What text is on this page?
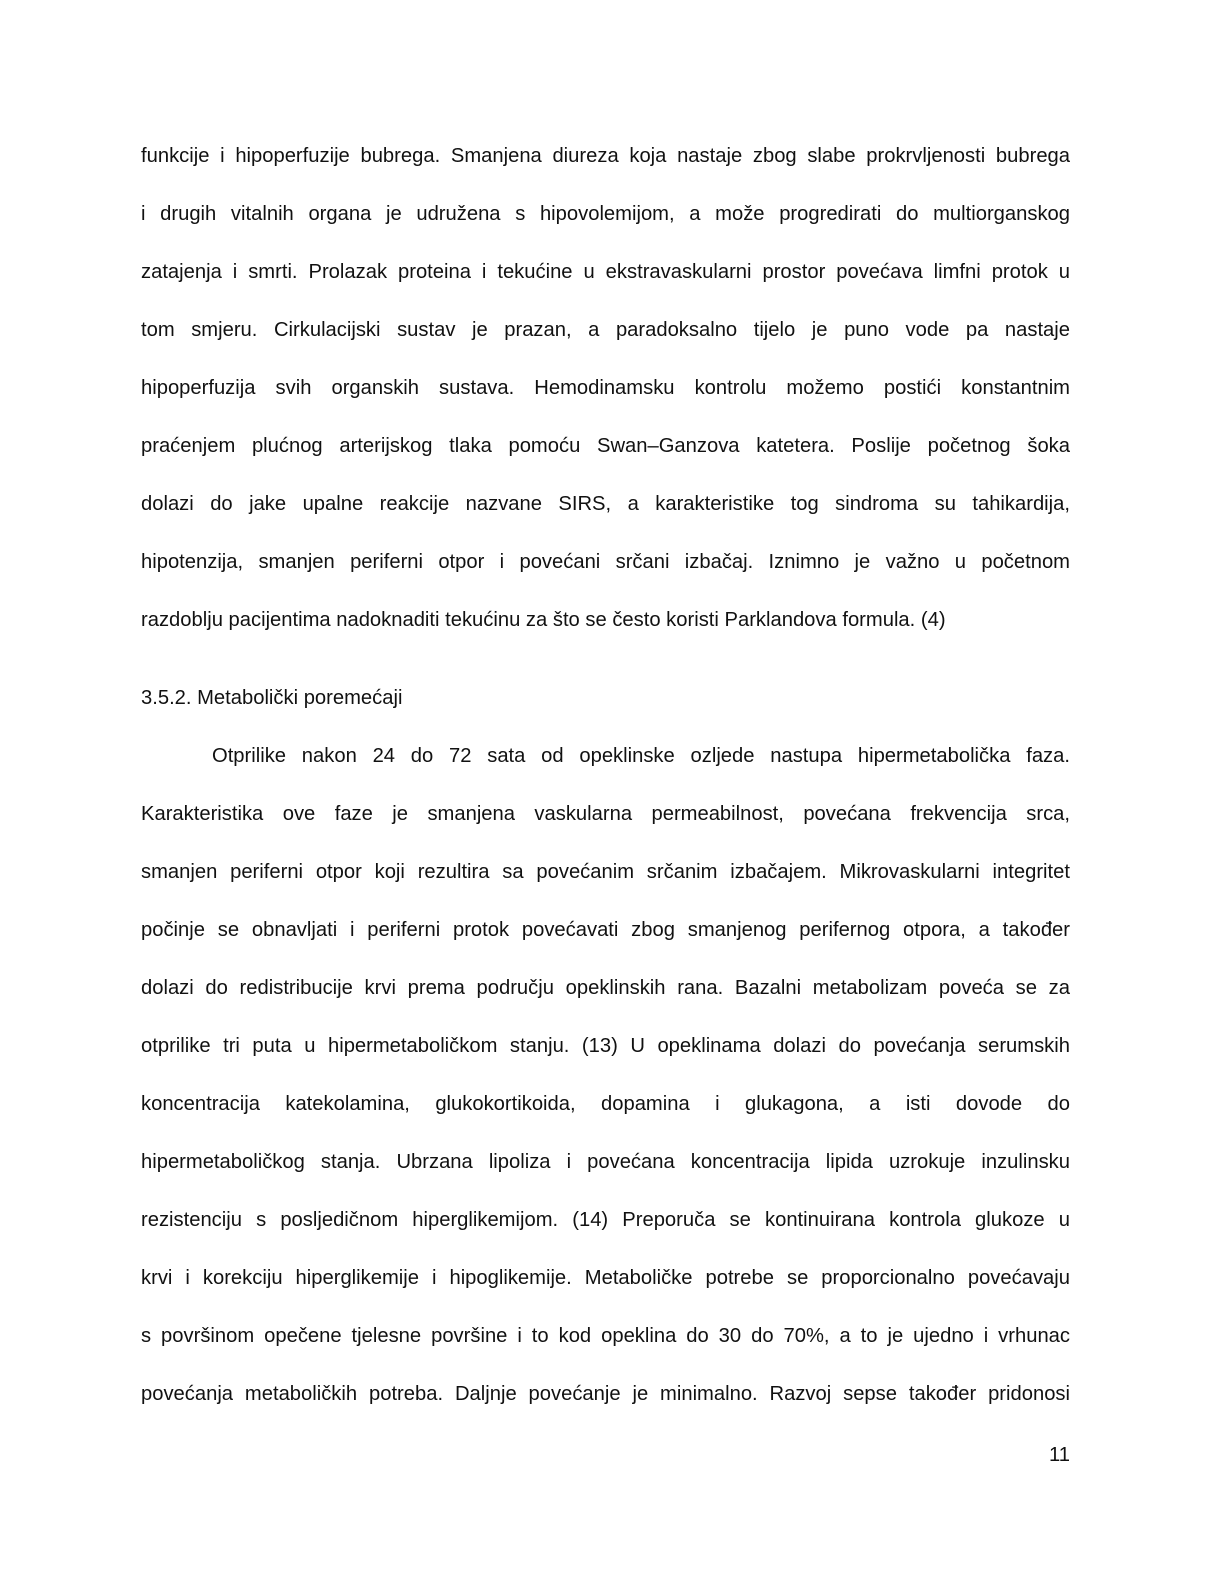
funkcije i hipoperfuzije bubrega. Smanjena diureza koja nastaje zbog slabe prokrvljenosti bubrega
i drugih vitalnih organa je udružena s hipovolemijom, a može progredirati do multiorganskog
zatajenja i smrti. Prolazak proteina i tekućine u ekstravaskularni prostor povećava limfni protok u
tom smjeru. Cirkulacijski sustav je prazan, a paradoksalno tijelo je puno vode pa nastaje
hipoperfuzija svih organskih sustava. Hemodinamsku kontrolu možemo postići konstantnim
praćenjem plućnog arterijskog tlaka pomoću Swan–Ganzova katetera. Poslije početnog šoka
dolazi do jake upalne reakcije nazvane SIRS, a karakteristike tog sindroma su tahikardija,
hipotenzija, smanjen periferni otpor i povećani srčani izbačaj. Iznimno je važno u početnom
razdoblju pacijentima nadoknaditi tekućinu za što se često koristi Parklandova formula. (4)
3.5.2. Metabolički poremećaji
Otprilike nakon 24 do 72 sata od opeklinske ozljede nastupa hipermetabolička faza.
Karakteristika ove faze je smanjena vaskularna permeabilnost, povećana frekvencija srca,
smanjen periferni otpor koji rezultira sa povećanim srčanim izbačajem. Mikrovaskularni integritet
počinje se obnavljati i periferni protok povećavati zbog smanjenog perifernog otpora, a također
dolazi do redistribucije krvi prema području opeklinskih rana. Bazalni metabolizam poveća se za
otprilike tri puta u hipermetaboličkom stanju. (13) U opeklinama dolazi do povećanja serumskih
koncentracija katekolamina, glukokortikoida, dopamina i glukagona, a isti dovode do
hipermetaboličkog stanja. Ubrzana lipoliza i povećana koncentracija lipida uzrokuje inzulinsku
rezistenciju s posljedičnom hiperglikemijom. (14) Preporuča se kontinuirana kontrola glukoze u
krvi i korekciju hiperglikemije i hipoglikemije. Metaboličke potrebe se proporcionalno povećavaju
s površinom opečene tjelesne površine i to kod opeklina do 30 do 70%, a to je ujedno i vrhunac
povećanja metaboličkih potreba. Daljnje povećanje je minimalno. Razvoj sepse također pridonosi
11
